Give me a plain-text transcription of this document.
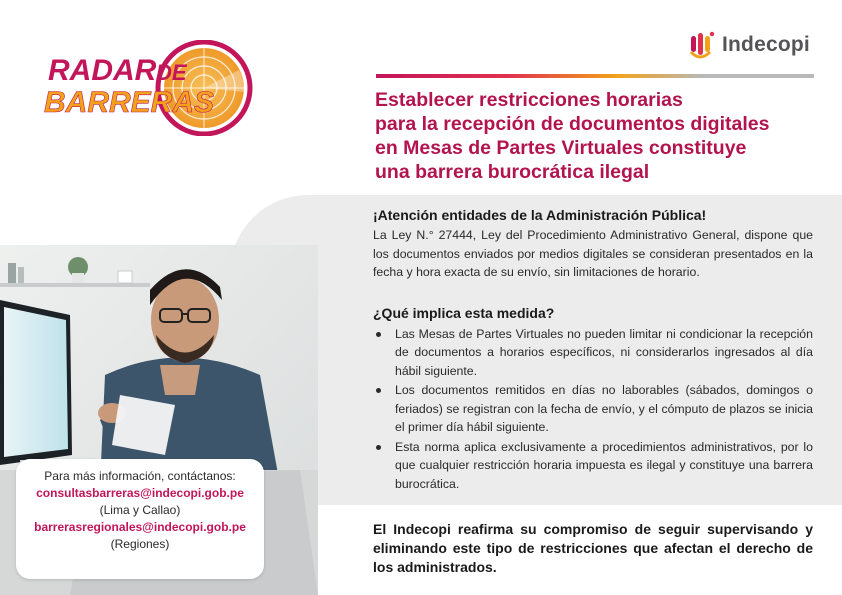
RADAR DE
BARRERAS
Indecopi
Establecer restricciones horarias
para la recepción de documentos digitales
en Mesas de Partes Virtuales constituye
una barrera burocrática ilegal
¡Atención entidades de la Administración Pública!

La Ley N.° 27444, Ley del Procedimiento Administrativo General, dispone que los documentos enviados por medios digitales se consideran presentados en la fecha y hora exacta de su envío, sin limitaciones de horario.

¿Qué implica esta medida?
Las Mesas de Partes Virtuales no pueden limitar ni condicionar la recepción de documentos a horarios específicos, ni considerarlos ingresados al día hábil siguiente.
Los documentos remitidos en días no laborables (sábados, domingos o feriados) se registran con la fecha de envío, y el cómputo de plazos se inicia el primer día hábil siguiente.
Esta norma aplica exclusivamente a procedimientos administrativos, por lo que cualquier restricción horaria impuesta es ilegal y constituye una barrera burocrática.
El Indecopi reafirma su compromiso de seguir supervisando y eliminando este tipo de restricciones que afectan el derecho de los administrados.
Para más información, contáctanos:
consultasbarreras@indecopi.gob.pe
(Lima y Callao)
barrerasregionales@indecopi.gob.pe
(Regiones)
